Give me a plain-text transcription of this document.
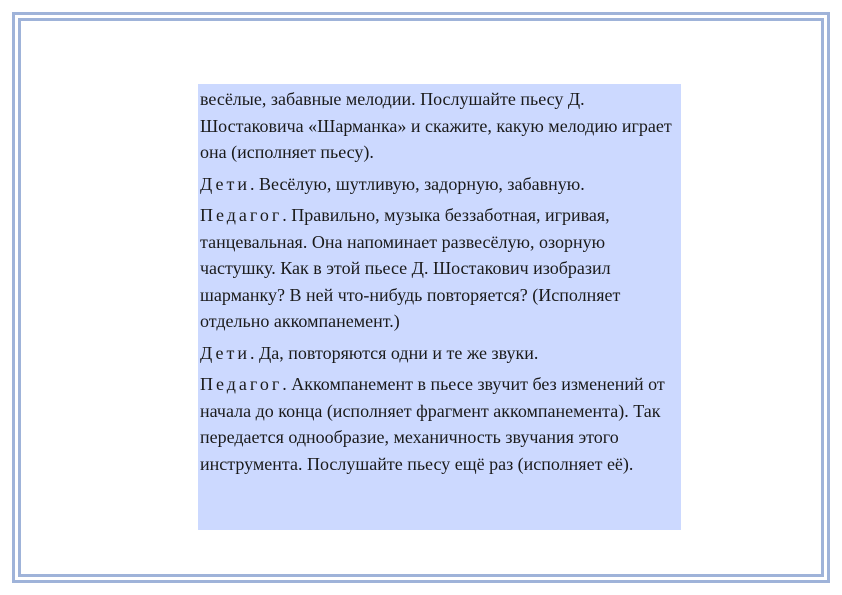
весёлые, забавные мелодии. Послушайте пьесу Д. Шостаковича «Шарманка» и скажите, какую мелодию играет она (исполняет пьесу).

Дети. Весёлую, шутливую, задорную, забавную.

Педагог. Правильно, музыка беззаботная, игривая, танцевальная. Она напоминает развесёлую, озорную частушку. Как в этой пьесе Д. Шостакович изобразил шарманку? В ней что-нибудь повторяется? (Исполняет отдельно аккомпанемент.)

Дети. Да, повторяются одни и те же звуки.

Педагог. Аккомпанемент в пьесе звучит без изменений от начала до конца (исполняет фрагмент аккомпанемента). Так передается однообразие, механичность звучания этого инструмента. Послушайте пьесу ещё раз (исполняет её).
